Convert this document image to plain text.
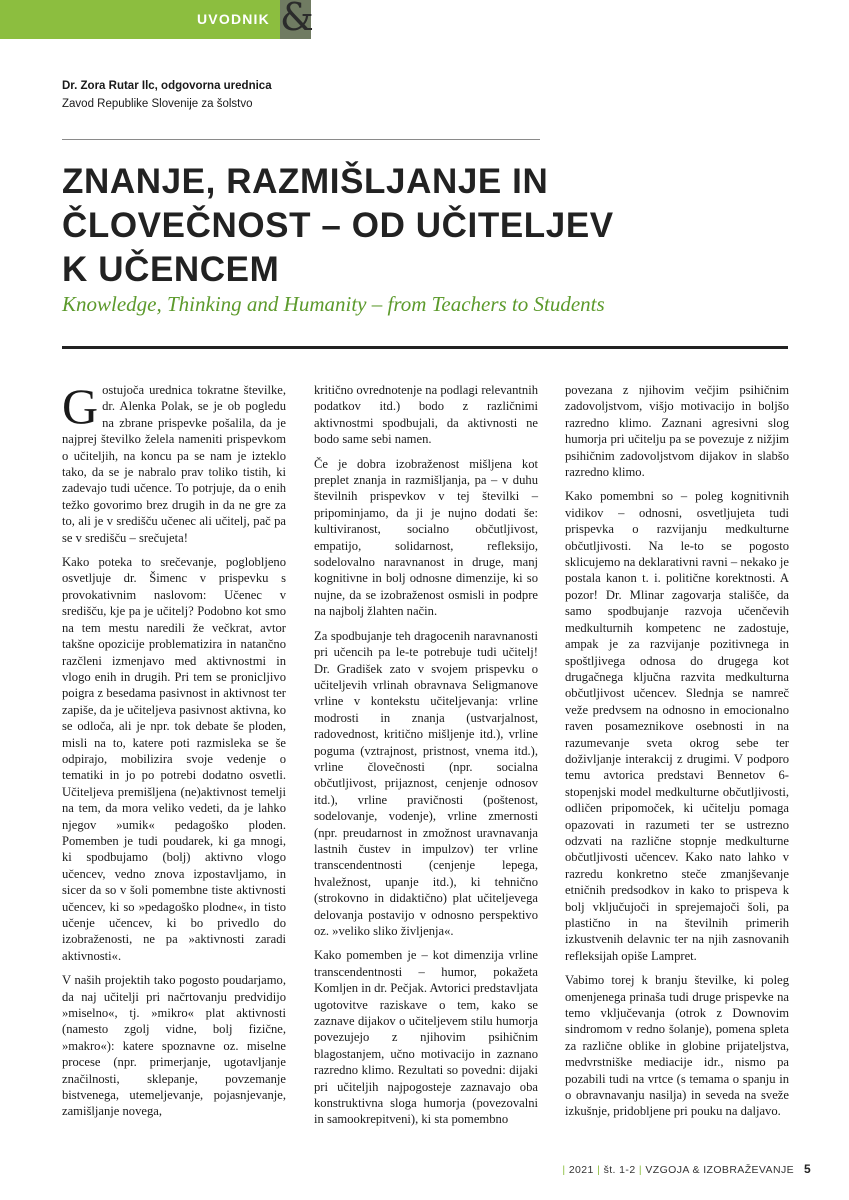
UVODNIK &
Dr. Zora Rutar Ilc, odgovorna urednica
Zavod Republike Slovenije za šolstvo
ZNANJE, RAZMIŠLJANJE IN ČLOVEČNOST – OD UČITELJEV K UČENCEM
Knowledge, Thinking and Humanity – from Teachers to Students

Gostujoča urednica tokratne številke, dr. Alenka Polak, se je ob pogledu na zbrane prispevke pošalila, da je najprej številko želela nameniti prispevkom o učiteljih, na koncu pa se nam je izteklo tako, da se je nabralo prav toliko tistih, ki zadevajo tudi učence. To potrjuje, da o enih težko govorimo brez drugih in da ne gre za to, ali je v središču učenec ali učitelj, pač pa se v središču – srečujeta!

Kako poteka to srečevanje, poglobljeno osvetljuje dr. Šimenc v prispevku s provokativnim naslovom: Učenec v središču, kje pa je učitelj? Podobno kot smo na tem mestu naredili že večkrat, avtor takšne opozicije problematizira in natančno razčleni izmenjavo med aktivnostmi in vlogo enih in drugih. Pri tem se pronicljivo poigra z besedama pasivnost in aktivnost ter zapiše, da je učiteljeva pasivnost aktivna, ko se odloča, ali je npr. tok debate še ploden, misli na to, katere poti razmisleka se še odpirajo, mobilizira svoje vedenje o tematiki in jo po potrebi dodatno osvetli. Učiteljeva premišljena (ne)aktivnost temelji na tem, da mora veliko vedeti, da je lahko njegov »umik« pedagoško ploden. Pomemben je tudi poudarek, ki ga mnogi, ki spodbujamo (bolj) aktivno vlogo učencev, vedno znova izpostavljamo, in sicer da so v šoli pomembne tiste aktivnosti učencev, ki so »pedagoško plodne«, in tisto učenje učencev, ki bo privedlo do izobraženosti, ne pa »aktivnosti zaradi aktivnosti«.

V naših projektih tako pogosto poudarjamo, da naj učitelji pri načrtovanju predvidijo »miselno«, tj. »mikro« plat aktivnosti (namesto zgolj vidne, bolj fizične, »makro«): katere spoznavne oz. miselne procese (npr. primerjanje, ugotavljanje značilnosti, sklepanje, povzemanje bistvenega, utemeljevanje, pojasnjevanje, zamišljanje novega,

kritično ovrednotenje na podlagi relevantnih podatkov itd.) bodo z različnimi aktivnostmi spodbujali, da aktivnosti ne bodo same sebi namen.

Če je dobra izobraženost mišljena kot preplet znanja in razmišljanja, pa – v duhu številnih prispevkov v tej številki – pripominjamo, da ji je nujno dodati še: kultiviranost, socialno občutljivost, empatijo, solidarnost, refleksijo, sodelovalno naravnanost in druge, manj kognitivne in bolj odnosne dimenzije, ki so nujne, da se izobraženost osmisli in podpre na najbolj žlahten način.

Za spodbujanje teh dragocenih naravnanosti pri učencih pa le-te potrebuje tudi učitelj! Dr. Gradišek zato v svojem prispevku o učiteljevih vrlinah obravnava Seligmanove vrline v kontekstu učiteljevanja: vrline modrosti in znanja (ustvarjalnost, radovednost, kritično mišljenje itd.), vrline poguma (vztrajnost, pristnost, vnema itd.), vrline človečnosti (npr. socialna občutljivost, prijaznost, cenjenje odnosov itd.), vrline pravičnosti (poštenost, sodelovanje, vodenje), vrline zmernosti (npr. preudarnost in zmožnost uravnavanja lastnih čustev in impulzov) ter vrline transcendentnosti (cenjenje lepega, hvaležnost, upanje itd.), ki tehnično (strokovno in didaktično) plat učiteljevega delovanja postavijo v odnosno perspektivo oz. »veliko sliko življenja«.

Kako pomemben je – kot dimenzija vrline transcendentnosti – humor, pokažeta Komljen in dr. Pečjak. Avtorici predstavljata ugotovitve raziskave o tem, kako se zaznave dijakov o učiteljevem stilu humorja povezujejo z njihovim psihičnim blagostanjem, učno motivacijo in zaznano razredno klimo. Rezultati so povedni: dijaki pri učiteljih najpogosteje zaznavajo oba konstruktivna sloga humorja (povezovalni in samookrepitveni), ki sta pomembno

povezana z njihovim večjim psihičnim zadovoljstvom, višjo motivacijo in boljšo razredno klimo. Zaznani agresivni slog humorja pri učitelju pa se povezuje z nižjim psihičnim zadovoljstvom dijakov in slabšo razredno klimo.

Kako pomembni so – poleg kognitivnih vidikov – odnosni, osvetljujeta tudi prispevka o razvijanju medkulturne občutljivosti. Na le-to se pogosto sklicujemo na deklarativni ravni – nekako je postala kanon t. i. politične korektnosti. A pozor! Dr. Mlinar zagovarja stališče, da samo spodbujanje razvoja učenčevih medkulturnih kompetenc ne zadostuje, ampak je za razvijanje pozitivnega in spoštljivega odnosa do drugega kot drugačnega ključna razvita medkulturna občutljivost učencev. Slednja se namreč veže predvsem na odnosno in emocionalno raven posameznikove osebnosti in na razumevanje sveta okrog sebe ter doživljanje interakcij z drugimi. V podporo temu avtorica predstavi Bennetov 6-stopenjski model medkulturne občutljivosti, odličen pripomoček, ki učitelju pomaga opazovati in razumeti ter se ustrezno odzvati na različne stopnje medkulturne občutljivosti učencev. Kako nato lahko v razredu konkretno steče zmanjševanje etničnih predsodkov in kako to prispeva k bolj vključujoči in sprejemajoči šoli, pa plastično in na številnih primerih izkustvenih delavnic ter na njih zasnovanih refleksijah opiše Lampret.

Vabimo torej k branju številke, ki poleg omenjenega prinaša tudi druge prispevke na temo vključevanja (otrok z Downovim sindromom v redno šolanje), pomena spleta za različne oblike in globine prijateljstva, medvrstniške mediacije idr., nismo pa pozabili tudi na vrtce (s temama o spanju in o obravnavanju nasilja) in seveda na sveže izkušnje, pridobljene pri pouku na daljavo.

| 2021 | št. 1-2 | VZGOJA & IZOBRAŽEVANJE 5
